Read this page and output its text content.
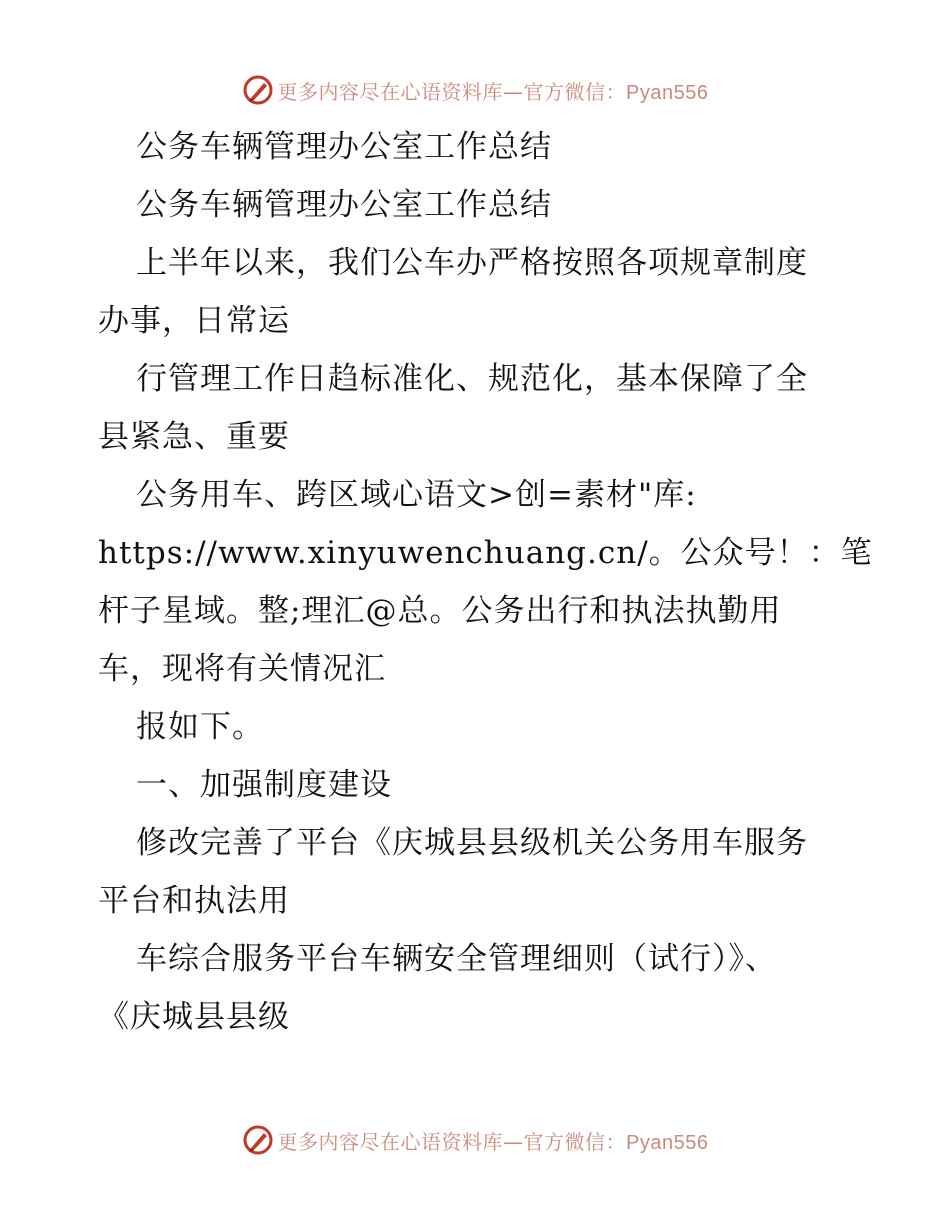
更多内容尽在心语资料库—官方微信：Pyan556
公务车辆管理办公室工作总结
公务车辆管理办公室工作总结
上半年以来，我们公车办严格按照各项规章制度
办事，日常运
行管理工作日趋标准化、规范化，基本保障了全
县紧急、重要
公务用车、跨区域心语文>创=素材"库:
https://www.xinyuwenchuang.cn/。公众号！：笔
杆子星域。整;理汇@总。公务出行和执法执勤用
车，现将有关情况汇
报如下。
一、加强制度建设
修改完善了平台《庆城县县级机关公务用车服务
平台和执法用
车综合服务平台车辆安全管理细则（试行）》、
《庆城县县级
更多内容尽在心语资料库—官方微信：Pyan556
